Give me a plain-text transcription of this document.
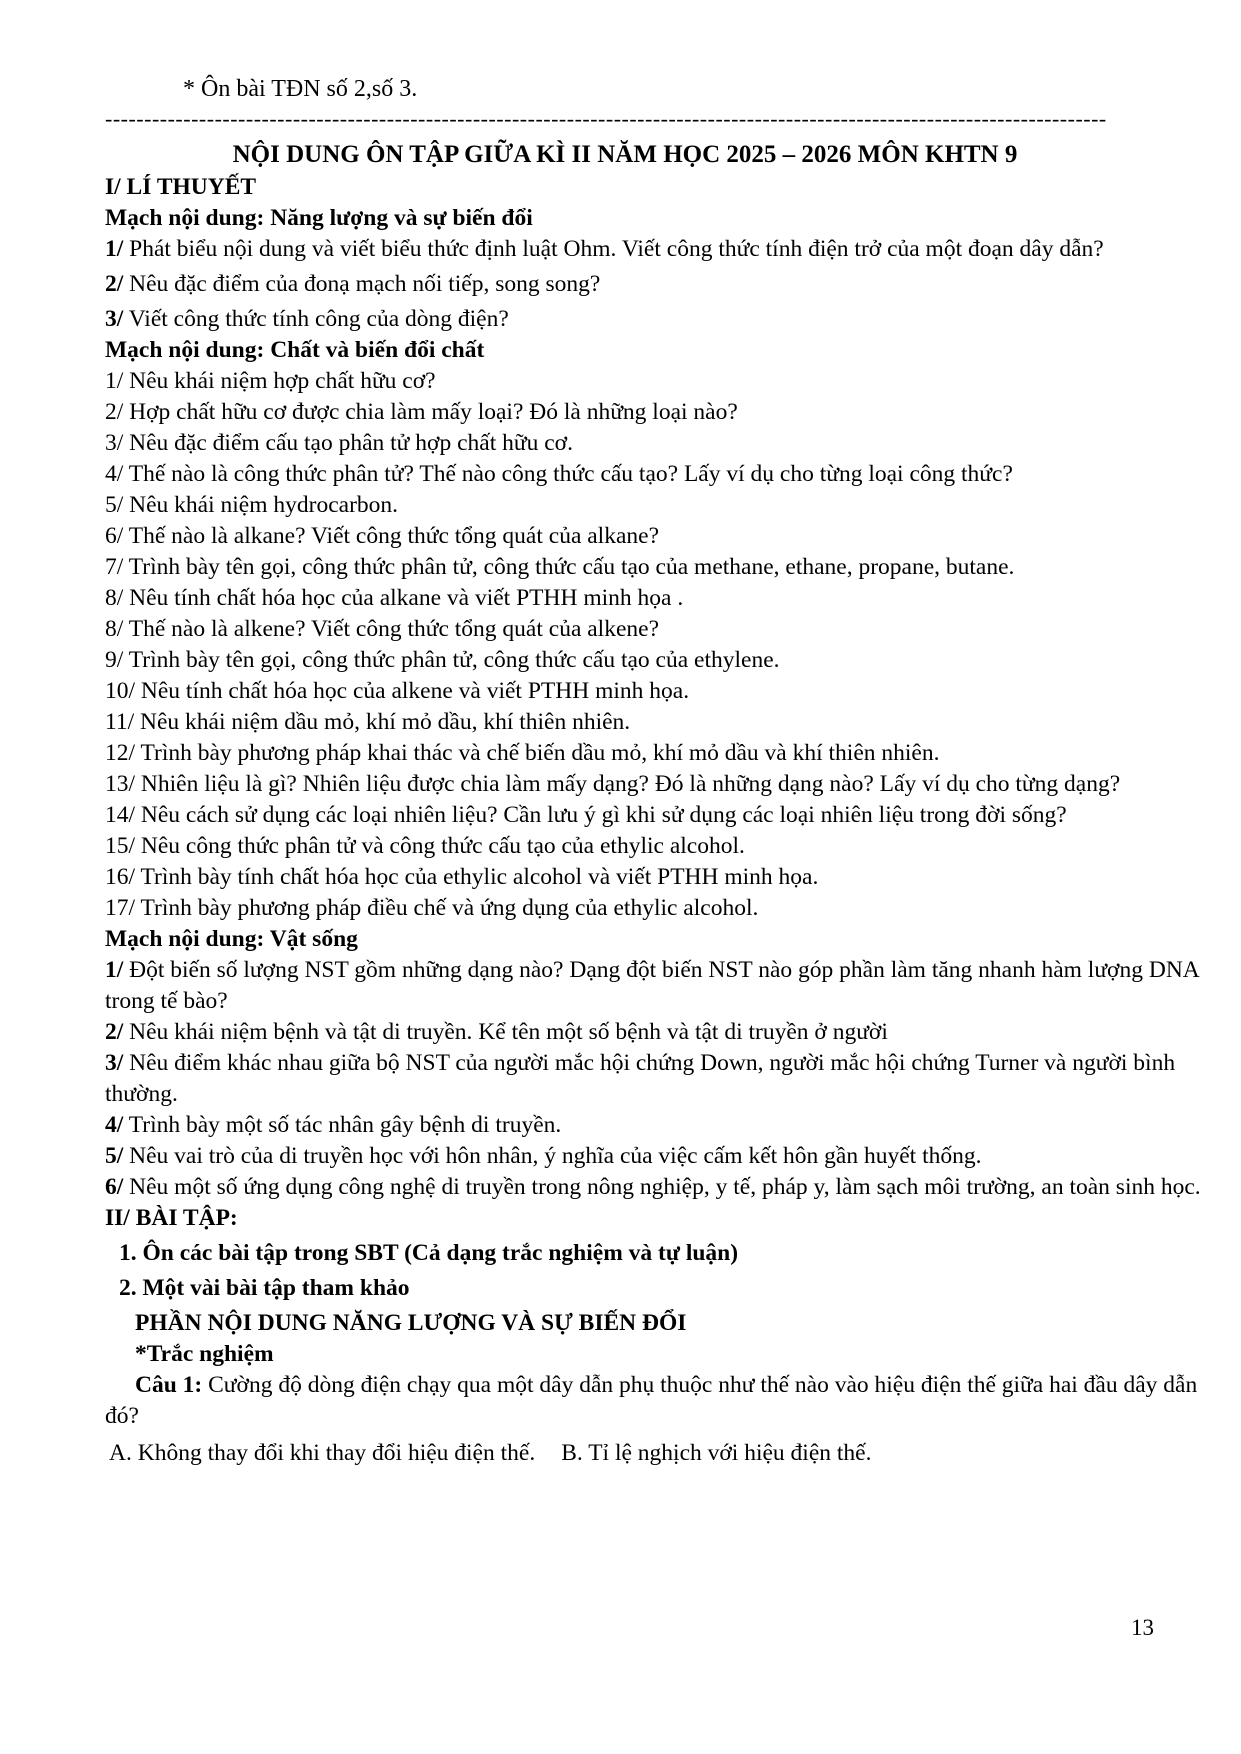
* Ôn bài TĐN số 2,số 3.
--------------------------------------------------------------------------------------------------------------------------------
NỘI DUNG ÔN TẬP GIỮA KÌ II NĂM HỌC 2025 – 2026 MÔN KHTN 9
I/ LÍ THUYẾT
Mạch nội dung: Năng lượng và sự biến đổi
1/ Phát biểu nội dung và viết biểu thức định luật Ohm. Viết công thức tính điện trở của một đoạn dây dẫn?
2/ Nêu đặc điểm của đonạ mạch nối tiếp, song song?
3/ Viết công thức tính công của dòng điện?
Mạch nội dung: Chất và biến đổi chất
1/ Nêu khái niệm hợp chất hữu cơ?
2/ Hợp chất hữu cơ được chia làm mấy loại? Đó là những loại nào?
3/ Nêu đặc điểm cấu tạo phân tử hợp chất hữu cơ.
4/ Thế nào là công thức phân tử? Thế nào công thức cấu tạo? Lấy ví dụ cho từng loại công thức?
5/ Nêu khái niệm hydrocarbon.
6/ Thế nào là alkane? Viết công thức tổng quát của alkane?
7/ Trình bày tên gọi, công thức phân tử, công thức cấu tạo của methane, ethane, propane, butane.
8/ Nêu tính chất hóa học của alkane và viết PTHH minh họa .
8/ Thế nào là alkene? Viết công thức tổng quát của alkene?
9/ Trình bày tên gọi, công thức phân tử, công thức cấu tạo của ethylene.
10/ Nêu tính chất hóa học của alkene và viết PTHH minh họa.
11/ Nêu khái niệm dầu mỏ, khí mỏ dầu, khí thiên nhiên.
12/ Trình bày phương pháp khai thác và chế biến dầu mỏ, khí mỏ dầu và khí thiên nhiên.
13/ Nhiên liệu là gì? Nhiên liệu được chia làm mấy dạng? Đó là những dạng nào? Lấy ví dụ cho từng dạng?
14/ Nêu cách sử dụng các loại nhiên liệu? Cần lưu ý gì khi sử dụng các loại nhiên liệu trong đời sống?
15/ Nêu công thức phân tử và công thức cấu tạo của ethylic alcohol.
16/ Trình bày tính chất hóa học của ethylic alcohol và viết PTHH minh họa.
17/ Trình bày phương pháp điều chế và ứng dụng của ethylic alcohol.
Mạch nội dung: Vật sống
1/ Đột biến số lượng NST gồm những dạng nào? Dạng đột biến NST nào góp phần làm tăng nhanh hàm lượng DNA trong tế bào?
2/ Nêu khái niệm bệnh và tật di truyền. Kể tên một số bệnh và tật di truyền ở người
3/ Nêu điểm khác nhau giữa bộ NST của người mắc hội chứng Down, người mắc hội chứng Turner và người bình thường.
4/ Trình bày một số tác nhân gây bệnh di truyền.
5/ Nêu vai trò của di truyền học với hôn nhân, ý nghĩa của việc cấm kết hôn gần huyết thống.
6/ Nêu một số ứng dụng công nghệ di truyền trong nông nghiệp, y tế, pháp y, làm sạch môi trường, an toàn sinh học.
II/ BÀI TẬP:
1. Ôn các bài tập trong SBT (Cả dạng trắc nghiệm và tự luận)
2. Một vài bài tập tham khảo
PHẦN NỘI DUNG NĂNG LƯỢNG VÀ SỰ BIẾN ĐỔI
*Trắc nghiệm
Câu 1: Cường độ dòng điện chạy qua một dây dẫn phụ thuộc như thế nào vào hiệu điện thế giữa hai đầu dây dẫn đó?
A. Không thay đổi khi thay đổi hiệu điện thế. B. Tỉ lệ nghịch với hiệu điện thế.
13
